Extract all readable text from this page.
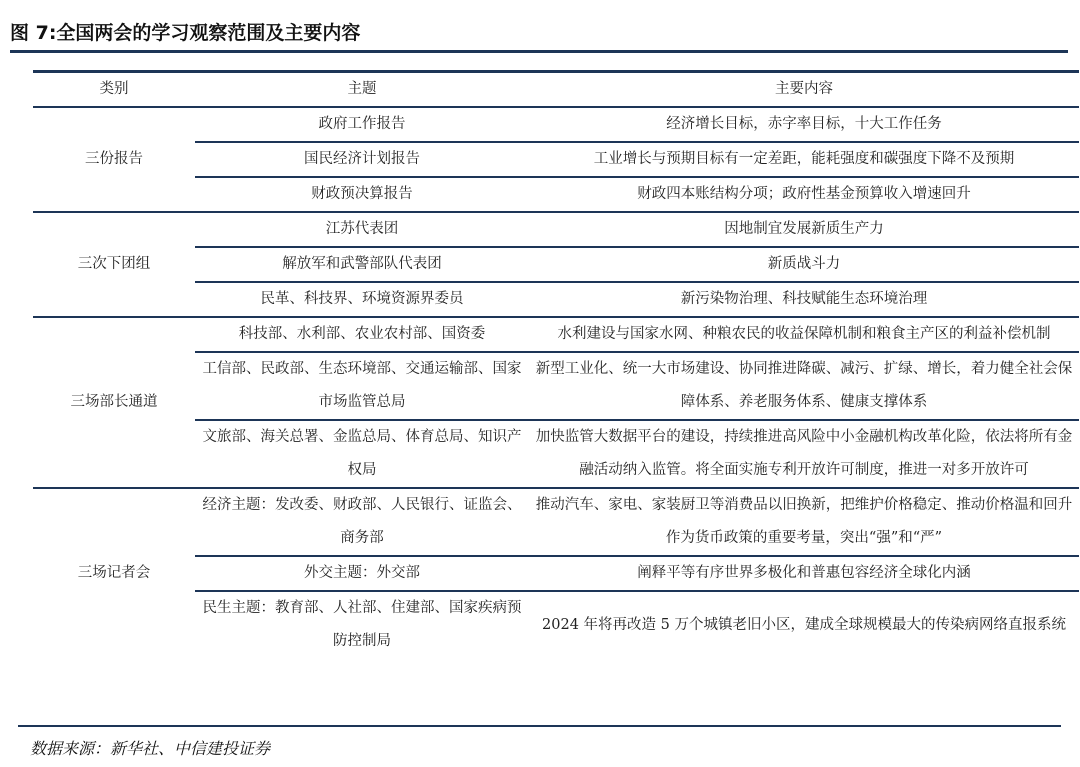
图 7:全国两会的学习观察范围及主要内容
类别	主题	主要内容
三份报告	政府工作报告	经济增长目标，赤字率目标，十大工作任务
	国民经济计划报告	工业增长与预期目标有一定差距，能耗强度和碳强度下降不及预期
	财政预决算报告	财政四本账结构分项；政府性基金预算收入增速回升
三次下团组	江苏代表团	因地制宜发展新质生产力
	解放军和武警部队代表团	新质战斗力
	民革、科技界、环境资源界委员	新污染物治理、科技赋能生态环境治理
三场部长通道	科技部、水利部、农业农村部、国资委	水利建设与国家水网、种粮农民的收益保障机制和粮食主产区的利益补偿机制

	工信部、民政部、生态环境部、交通运输部、国家市场监管总局	新型工业化、统一大市场建设、协同推进降碳、减污、扩绿、增长，着力健全社会保障体系、养老服务体系、健康支撑体系

	文旅部、海关总署、金监总局、体育总局、知识产权局	加快监管大数据平台的建设，持续推进高风险中小金融机构改革化险，依法将所有金融活动纳入监管。将全面实施专利开放许可制度，推进一对多开放许可

三场记者会	经济主题：发改委、财政部、人民银行、证监会、商务部	推动汽车、家电、家装厨卫等消费品以旧换新，把维护价格稳定、推动价格温和回升作为货币政策的重要考量，突出“强”和“严”

	外交主题：外交部	阐释平等有序世界多极化和普惠包容经济全球化内涵

	民生主题：教育部、人社部、住建部、国家疾病预防控制局	2024 年将再改造 5 万个城镇老旧小区，建成全球规模最大的传染病网络直报系统
数据来源：新华社、中信建投证券
